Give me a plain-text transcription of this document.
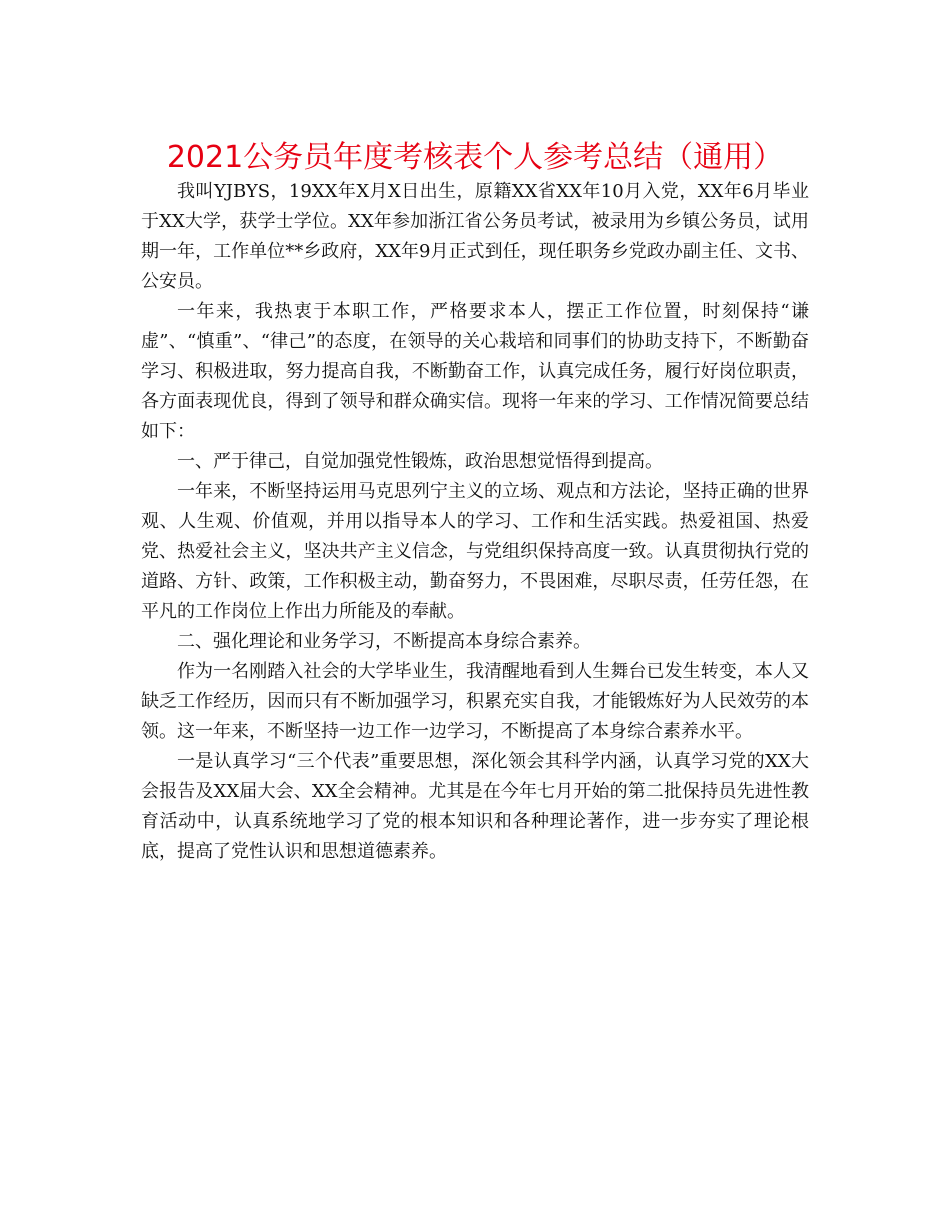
2021公务员年度考核表个人参考总结（通用）

我叫YJBYS，19XX年X月X日出生，原籍XX省XX年10月入党，XX年6月毕业于XX大学，获学士学位。XX年参加浙江省公务员考试，被录用为乡镇公务员，试用期一年，工作单位**乡政府，XX年9月正式到任，现任职务乡党政办副主任、文书、公安员。

一年来，我热衷于本职工作，严格要求本人，摆正工作位置，时刻保持“谦虚”、“慎重”、“律己”的态度，在领导的关心栽培和同事们的协助支持下，不断勤奋学习、积极进取，努力提高自我，不断勤奋工作，认真完成任务，履行好岗位职责，各方面表现优良，得到了领导和群众确实信。现将一年来的学习、工作情况简要总结如下：

一、严于律己，自觉加强党性锻炼，政治思想觉悟得到提高。

一年来，不断坚持运用马克思列宁主义的立场、观点和方法论，坚持正确的世界观、人生观、价值观，并用以指导本人的学习、工作和生活实践。热爱祖国、热爱党、热爱社会主义，坚决共产主义信念，与党组织保持高度一致。认真贯彻执行党的道路、方针、政策，工作积极主动，勤奋努力，不畏困难，尽职尽责，任劳任怨，在平凡的工作岗位上作出力所能及的奉献。

二、强化理论和业务学习，不断提高本身综合素养。

作为一名刚踏入社会的大学毕业生，我清醒地看到人生舞台已发生转变，本人又缺乏工作经历，因而只有不断加强学习，积累充实自我，才能锻炼好为人民效劳的本领。这一年来，不断坚持一边工作一边学习，不断提高了本身综合素养水平。

一是认真学习“三个代表”重要思想，深化领会其科学内涵，认真学习党的XX大会报告及XX届大会、XX全会精神。尤其是在今年七月开始的第二批保持员先进性教育活动中，认真系统地学习了党的根本知识和各种理论著作，进一步夯实了理论根底，提高了党性认识和思想道德素养。
